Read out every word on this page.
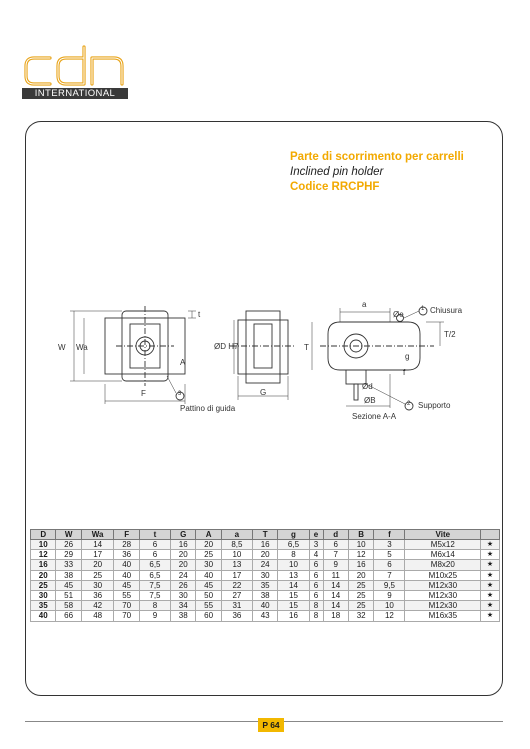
INTERNATIONAL
Parte di scorrimento per carrelli
Inclined pin holder
Codice RRCPHF
W Wa
t
F
A
G
ØD H7
a
Øe
T/2
T
g
f
Ød
ØB
1
2
3
Chiusura
Supporto
Pattino di guida
Sezione A-A
D	W	Wa	F	t	G	A	a	T	g	e	d	B	f	Vite	
10	26	14	28	6	16	20	8,5	16	6,5	3	6	10	3	M5x12	★
12	29	17	36	6	20	25	10	20	8	4	7	12	5	M6x14	★
16	33	20	40	6,5	20	30	13	24	10	6	9	16	6	M8x20	★
20	38	25	40	6,5	24	40	17	30	13	6	11	20	7	M10x25	★
25	45	30	45	7,5	26	45	22	35	14	6	14	25	9,5	M12x30	★
30	51	36	55	7,5	30	50	27	38	15	6	14	25	9	M12x30	★
35	58	42	70	8	34	55	31	40	15	8	14	25	10	M12x30	★
40	66	48	70	9	38	60	36	43	16	8	18	32	12	M16x35	★
P 64
